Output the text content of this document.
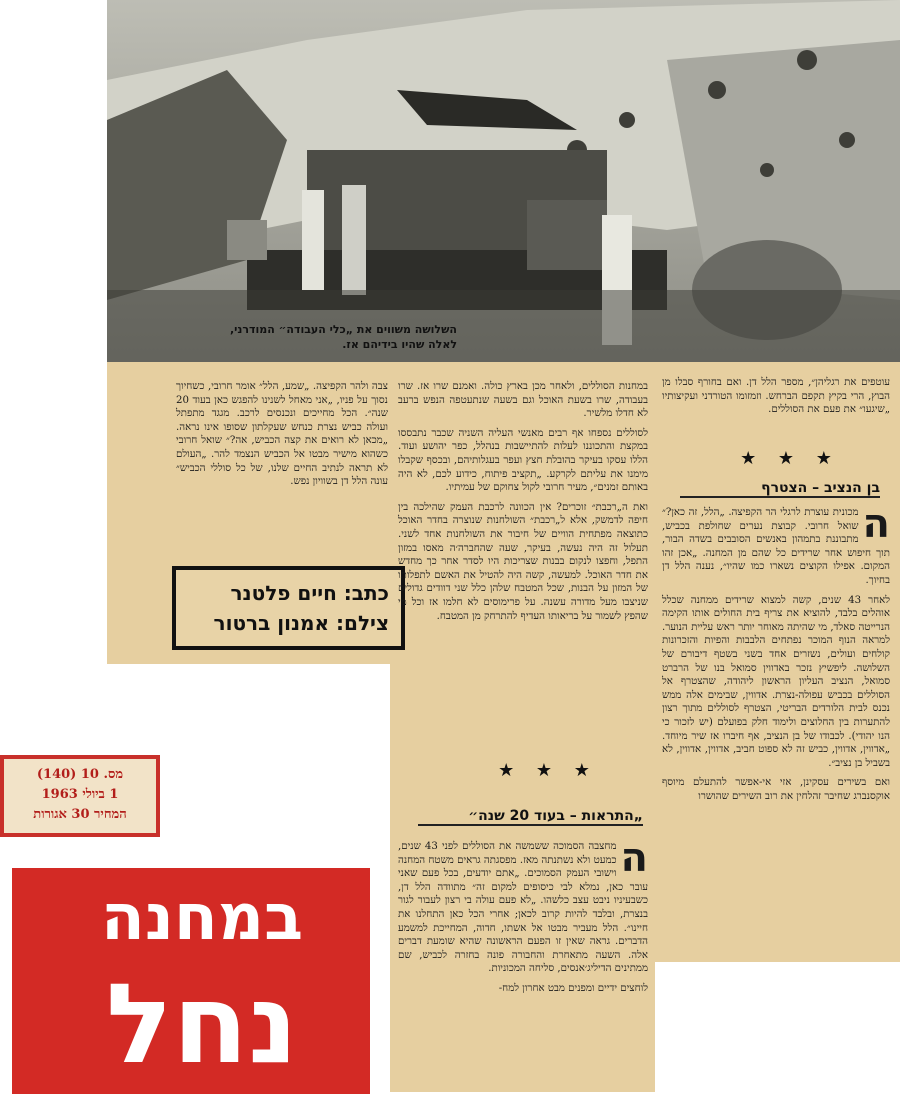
השלושה משווים את „כלי העבודה״ המודרני, לאלה שהיו בידיהם אז.

צבה ולהר הקפיצה. „שמע, הלל״ אומר חרובי, כשחיוך נסוך על פניו, „אני מאחל לשנינו להפגש כאן בעוד 20 שנה״. הכל מחייכים ונכנסים לרכב. מגגד מתפתל ועולה כביש נצרת כנחש שעקלתון שסופו אינו נראה. „מכאן לא רואים את קצה הכביש, אה?״ שואל חרובי כשהוא מישיר מבטו אל הכביש הנצמד להר. „העולם לא תראה לנתיב החיים שלנו, של כל סוללי הכביש״ עונה הלל דן בשוויון נפש.

כתב: חיים פלטנר
צילם: אמנון ברטור

במחנות הסוללים, ולאחר מכן בארץ כולה. ואמנם שרו אז. שרו בעבודה, שרו בשעת האוכל וגם בשעה שנתעטפה הנפש ברעב לא חדלו מלשיר.

לסוללים נספחו אף רבים מאנשי העליה השניה שכבר נתבססו במקצת והתכוננו לעלות להתיישבות בנהלל, כפר יהושע ועוד. הללו עסקו בעיקר בהובלת חצץ ועפר בעגלותיהם, ובכסף שקבלו מימנו את עליתם לקרקע. „תקציב פיתוח, כידוע לכם, לא היה באותם זמנים״, מעיר חרובי לקול צחוקם של עמיתיו.

ואת ה„רכבת״ זוכרים? אין הכוונה לרכבת העמק שהילכה בין חיפה לדמשק, אלא ל„רכבת״ השולחנות שנוצרה בחדר האוכל כתוצאה מפתחית הוויים של חיבור את השולחנות אחד לשני. תעלול זה היה נעשה, בעיקר, שעה שהחברה׳ה מאסו במזון התפל, וחפצו לנקום בבנות שצריכות היו לסדר אחר כך מחדש את חדר האוכל. למעשה, קשה היה להטיל את האשם לתפלותו של המזון על הבנות, שכל המטבח שלהן כלל שני דוודים גדולים שניצבו מעל מדורה עשנה. על פרימוסים לא חלמו אז וכל מי שהפץ לשמור על בריאותו העדיף להתרחק מן המטבח.

★ ★ ★
„התראות – בעוד 20 שנה״
ה

מחצבה הסמוכה ששמשה את הסוללים לפני 43 שנים, כמעט ולא נשתנתה מאז. מפסגתה גראים משטח המחנה וישובי העמק הסמוכים. „אתם יודעים, בכל פעם שאני עובר כאן, נמלא לבי כיסופים למקום זה״ מתוודה הלל דן, כשבעיניו ניבט עצב כלשהו. „לא פעם עולה בי רצון לעבור לגור בנצרת, ובלבד להיות קרוב לכאן; אחרי הכל כאן התחלנו את חיינו״. הלל מעביר מבטו אל אשתו, חדוה, המחייכת למשמע הדברים. גראה שאין זו הפעם הראשונה שהיא שומעת דברים אלה. השעה מתאחרת והחבורה פונה בחזרה לכביש, שם ממתינים הדיליג׳אנסים, סליחה המכוניות.

לוחצים ידיים ומפנים מבט אחרון למח-

עוטפים את רגליהן״, מספר הלל דן. ואם בחורף סבלו מן הבוץ, הרי בקיץ תקפם הברחש. וזמזומו הטורדני ועקיצותיו „שיגעו״ את פעם את הסוללים.

★ ★ ★
בן הנציב – הצטרף
ה

מכונית עוצרת לרגלי הר הקפיצה. „הלל, זה כאן?״ שואל חרובי. קבוצת נערים שחולפת בכביש, מתבוננת בתמהון באנשים הסובבים בשדה הבור, תוך חיפוש אחר שרידים כל שהם מן המחנה. „אכן זהו המקום. אפילו הקוצים נשארו כמו שהיו״, נענה הלל דן בחיוך.

לאחר 43 שנים, קשה למצוא שרידים ממחנה שכלל אוהלים בלבד, להוציא את צריף בית החולים אותו הקימה הנרייטה סאלד, מי שהיתה מאוחר יותר ראש עליית הנוער. למראה הנוף המוכר נפתחים הלבבות והפיות והזכרונות קולחים ועולים, נשזרים אחד בשני בשטף דיבורם של השלושה. ליפשיץ נזכר באדווין סמואל בנו של הרברט סמואל, הנציב העליון הראשון ליהודה, שהצטרף אל הסוללים בכביש עפולה-נצרת. אדווין, שבימים אלה ממש נכנס לבית הלורדים הבריטי, הצטרף לסוללים מתוך רצון להתערות בין החלוצים ולימוד חלק בפועלם (יש לזכור כי הנו יהודי). לכבודו של בן הנציב, אף חיברו אז שיר מיוחד. „אדווין, אדווין, כביש זה לא ספוט חביב, אדווין, אדווין, לא בשביל בן נציב״.

ואם בשירים עסקינן, אזי אי-אפשר להתעלם מיוסף אוקסנברג שחיבר זהלחין את רוב השירים שהושרו

מס. 10 (140)
1 ביולי 1963
המחיר 30 אגורות
במחנה
נחל
